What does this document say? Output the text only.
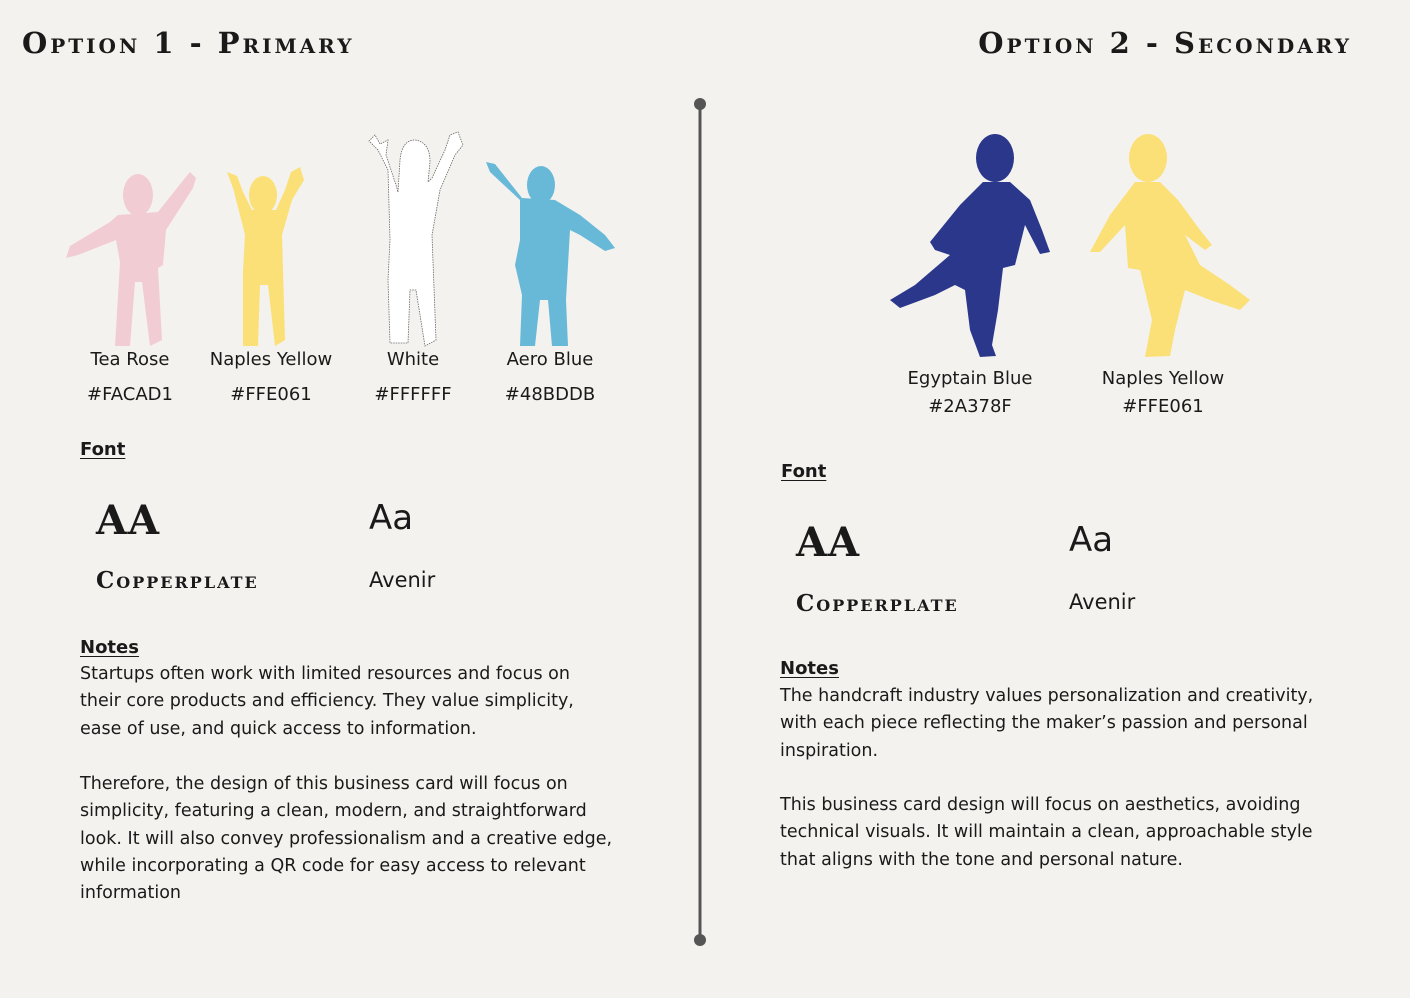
Option 1 - Primary
Tea Rose
#FACAD1
Naples Yellow
#FFE061
White
#FFFFFF
Aero Blue
#48BDDB
Font
AA
Copperplate
Aa
Avenir
Notes
Startups often work with limited resources and focus on
their core products and efficiency. They value simplicity,
ease of use, and quick access to information.
Therefore, the design of this business card will focus on
simplicity, featuring a clean, modern, and straightforward
look. It will also convey professionalism and a creative edge,
while incorporating a QR code for easy access to relevant
information
Option 2 - Secondary
Egyptain Blue
#2A378F
Naples Yellow
#FFE061
Font
AA
Copperplate
Aa
Avenir
Notes
The handcraft industry values personalization and creativity,
with each piece reflecting the maker’s passion and personal
inspiration.
This business card design will focus on aesthetics, avoiding
technical visuals. It will maintain a clean, approachable style
that aligns with the tone and personal nature.
